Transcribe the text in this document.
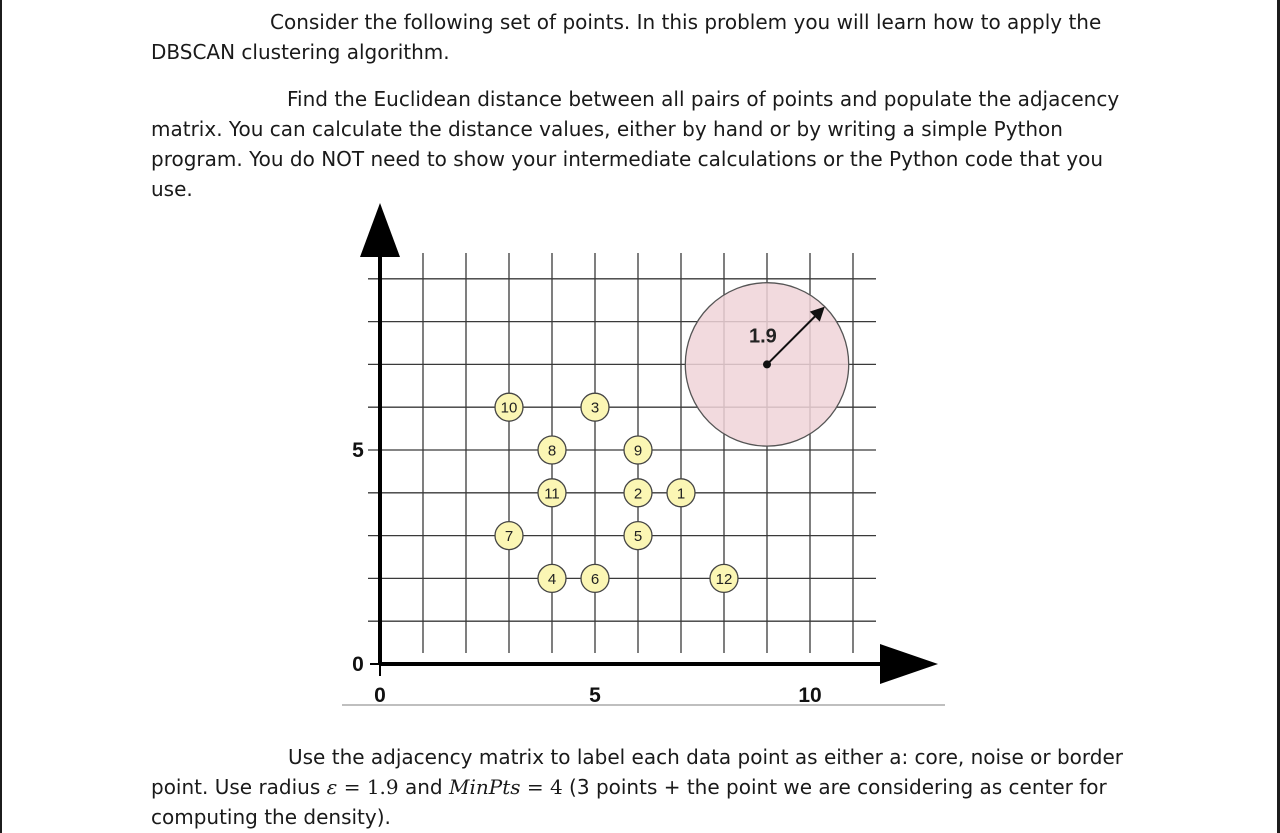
Consider the following set of points. In this problem you will learn how to apply the DBSCAN clustering algorithm.
Find the Euclidean distance between all pairs of points and populate the adjacency matrix. You can calculate the distance values, either by hand or by writing a simple Python program. You do NOT need to show your intermediate calculations or the Python code that you use.
1.9
1
2
3
4
5
6
7
8	9
10
11
12
0	5	10
0
5
Use the adjacency matrix to label each data point as either a: core, noise or border point. Use radius ε = 1.9 and MinPts = 4 (3 points + the point we are considering as center for computing the density).
